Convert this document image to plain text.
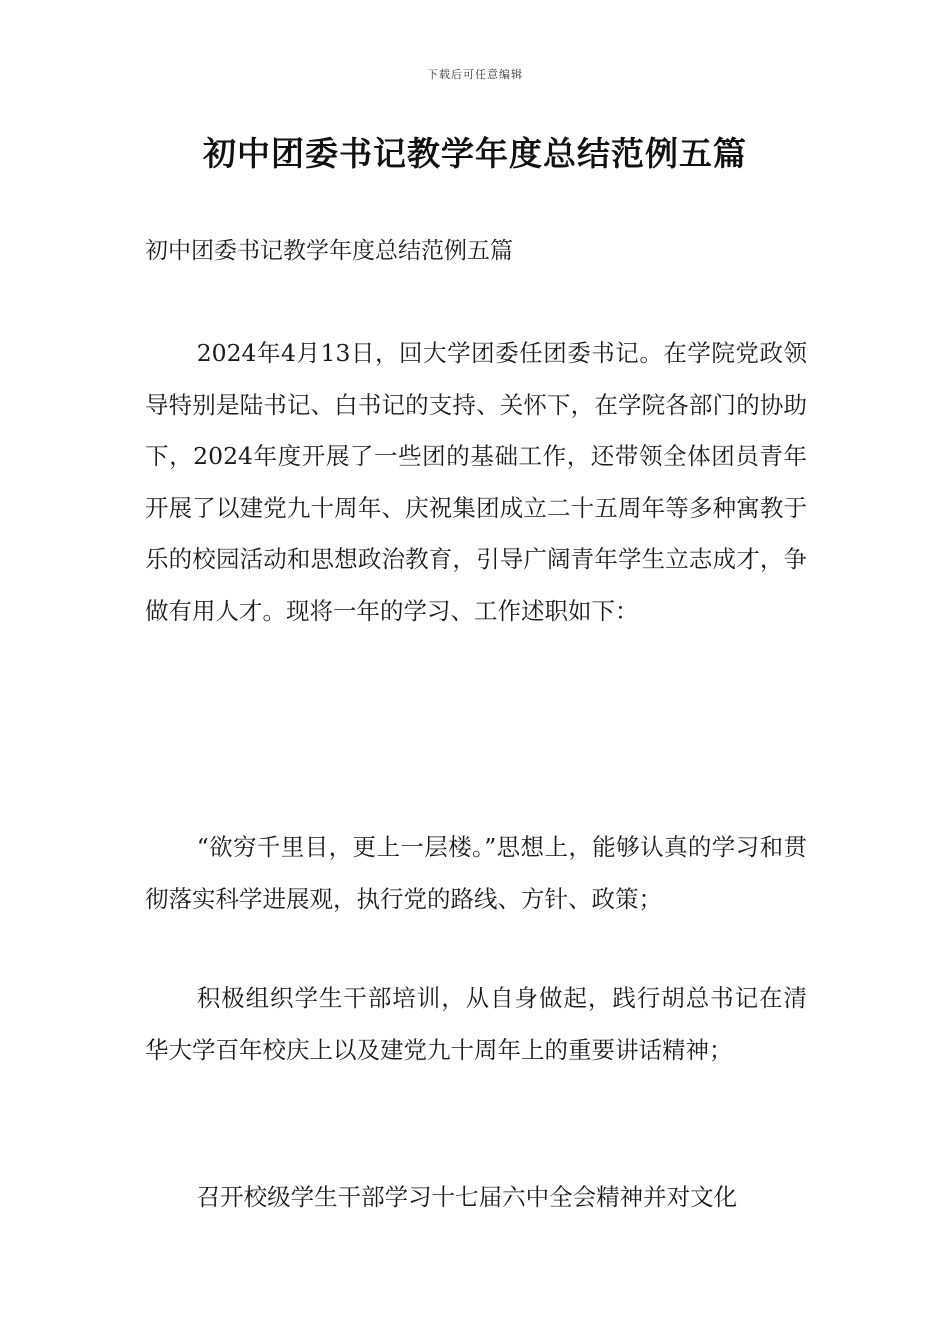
下载后可任意编辑
初中团委书记教学年度总结范例五篇
初中团委书记教学年度总结范例五篇

2024年4月13日，回大学团委任团委书记。在学院党政领导特别是陆书记、白书记的支持、关怀下，在学院各部门的协助下，2024年度开展了一些团的基础工作，还带领全体团员青年开展了以建党九十周年、庆祝集团成立二十五周年等多种寓教于乐的校园活动和思想政治教育，引导广阔青年学生立志成才，争做有用人才。现将一年的学习、工作述职如下：

“欲穷千里目，更上一层楼。”思想上，能够认真的学习和贯彻落实科学进展观，执行党的路线、方针、政策；

积极组织学生干部培训，从自身做起，践行胡总书记在清华大学百年校庆上以及建党九十周年上的重要讲话精神；

召开校级学生干部学习十七届六中全会精神并对文化
